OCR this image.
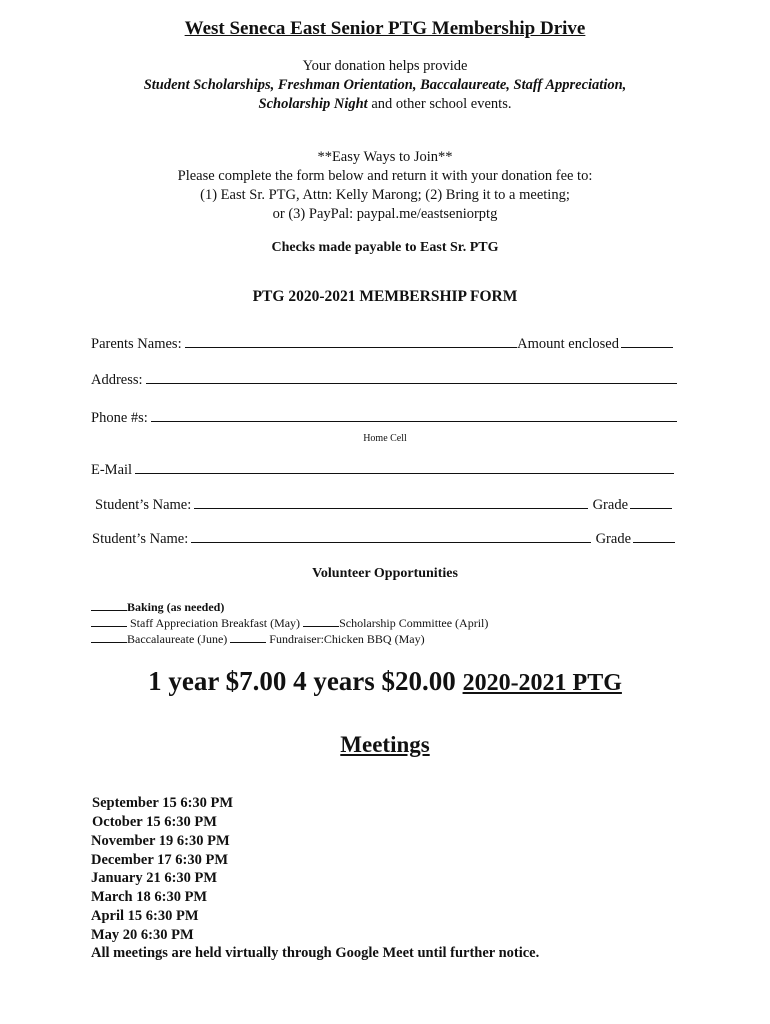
West Seneca East Senior PTG Membership Drive
Your donation helps provide
Student Scholarships, Freshman Orientation, Baccalaureate, Staff Appreciation,
Scholarship Night and other school events.
**Easy Ways to Join**
Please complete the form below and return it with your donation fee to:
(1) East Sr. PTG, Attn: Kelly Marong; (2) Bring it to a meeting;
or (3) PayPal: paypal.me/eastseniorptg
Checks made payable to East Sr. PTG
PTG 2020-2021 MEMBERSHIP FORM
Parents Names:	Amount enclosed
Address:
Phone #s:
Home Cell
E-Mail
Student’s Name:	Grade
Student’s Name:	Grade
Volunteer Opportunities
Baking (as needed)
Staff Appreciation Breakfast (May)	Scholarship Committee (April)
Baccalaureate (June)	Fundraiser:Chicken BBQ (May)
1 year $7.00 4 years $20.00 2020-2021 PTG
Meetings
September 15 6:30 PM
October 15 6:30 PM
November 19 6:30 PM
December 17 6:30 PM
January 21 6:30 PM
March 18 6:30 PM
April 15 6:30 PM
May 20 6:30 PM
All meetings are held virtually through Google Meet until further notice.
